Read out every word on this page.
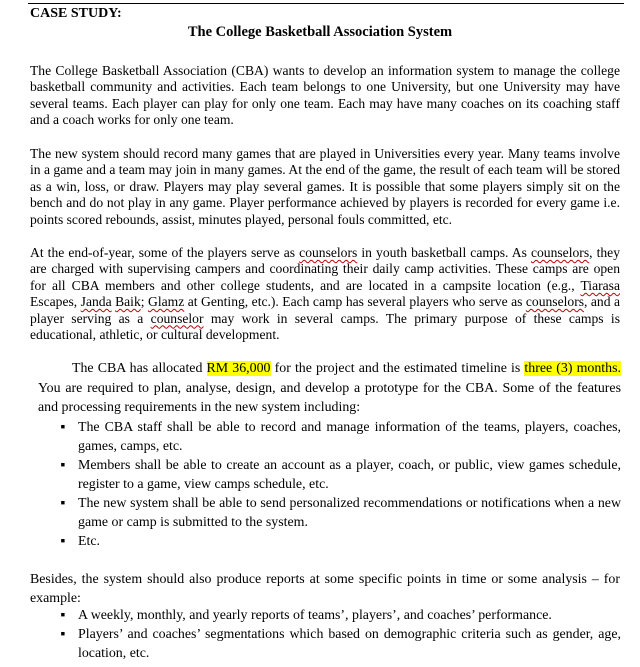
CASE STUDY:

The College Basketball Association System

The College Basketball Association (CBA) wants to develop an information system to manage the college basketball community and activities. Each team belongs to one University, but one University may have several teams. Each player can play for only one team. Each may have many coaches on its coaching staff and a coach works for only one team.

The new system should record many games that are played in Universities every year. Many teams involve in a game and a team may join in many games. At the end of the game, the result of each team will be stored as a win, loss, or draw. Players may play several games. It is possible that some players simply sit on the bench and do not play in any game. Player performance achieved by players is recorded for every game i.e. points scored rebounds, assist, minutes played, personal fouls committed, etc.

At the end-of-year, some of the players serve as counselors in youth basketball camps. As counselors, they are charged with supervising campers and coordinating their daily camp activities. These camps are open for all CBA members and other college students, and are located in a campsite location (e.g., Tiarasa Escapes, Janda Baik; Glamz at Genting, etc.). Each camp has several players who serve as counselors, and a player serving as a counselor may work in several camps. The primary purpose of these camps is educational, athletic, or cultural development.

The CBA has allocated RM 36,000 for the project and the estimated timeline is three (3) months. You are required to plan, analyse, design, and develop a prototype for the CBA. Some of the features and processing requirements in the new system including:

▪ The CBA staff shall be able to record and manage information of the teams, players, coaches, games, camps, etc.
▪ Members shall be able to create an account as a player, coach, or public, view games schedule, register to a game, view camps schedule, etc.
▪ The new system shall be able to send personalized recommendations or notifications when a new game or camp is submitted to the system.
▪ Etc.

Besides, the system should also produce reports at some specific points in time or some analysis – for example:

▪ A weekly, monthly, and yearly reports of teams’, players’, and coaches’ performance.
▪ Players’ and coaches’ segmentations which based on demographic criteria such as gender, age, location, etc.
